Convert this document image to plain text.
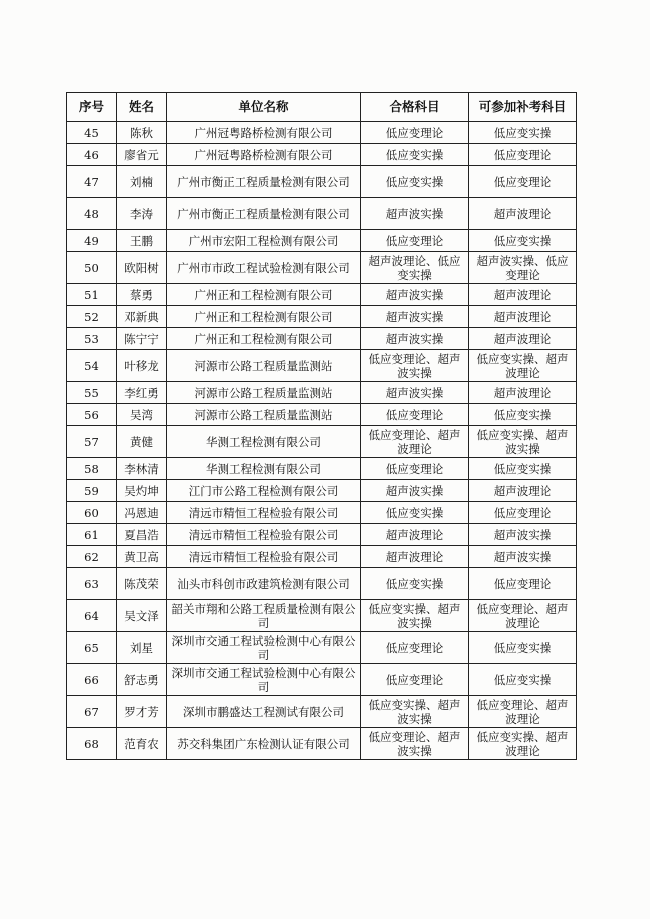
序号	姓名	单位名称	合格科目	可参加补考科目
45	陈秋	广州冠粤路桥检测有限公司	低应变理论	低应变实操
46	廖省元	广州冠粤路桥检测有限公司	低应变实操	低应变理论
47	刘楠	广州市衡正工程质量检测有限公司	低应变实操	低应变理论
48	李涛	广州市衡正工程质量检测有限公司	超声波实操	超声波理论
49	王鹏	广州市宏阳工程检测有限公司	低应变理论	低应变实操
50	欧阳树	广州市市政工程试验检测有限公司	超声波理论、低应变实操	超声波实操、低应变理论
51	蔡勇	广州正和工程检测有限公司	超声波实操	超声波理论
52	邓新典	广州正和工程检测有限公司	超声波实操	超声波理论
53	陈宁宁	广州正和工程检测有限公司	超声波实操	超声波理论
54	叶移龙	河源市公路工程质量监测站	低应变理论、超声波实操	低应变实操、超声波理论
55	李红勇	河源市公路工程质量监测站	超声波实操	超声波理论
56	吴湾	河源市公路工程质量监测站	低应变理论	低应变实操
57	黄健	华测工程检测有限公司	低应变理论、超声波理论	低应变实操、超声波实操
58	李林清	华测工程检测有限公司	低应变理论	低应变实操
59	吴灼坤	江门市公路工程检测有限公司	超声波实操	超声波理论
60	冯恩迪	清远市精恒工程检验有限公司	低应变实操	低应变理论
61	夏昌浩	清远市精恒工程检验有限公司	超声波理论	超声波实操
62	黄卫高	清远市精恒工程检验有限公司	超声波理论	超声波实操
63	陈茂荣	汕头市科创市政建筑检测有限公司	低应变实操	低应变理论
64	吴文泽	韶关市翔和公路工程质量检测有限公司	低应变实操、超声波实操	低应变理论、超声波理论
65	刘星	深圳市交通工程试验检测中心有限公司	低应变理论	低应变实操
66	舒志勇	深圳市交通工程试验检测中心有限公司	低应变理论	低应变实操
67	罗才芳	深圳市鹏盛达工程测试有限公司	低应变实操、超声波实操	低应变理论、超声波理论
68	范育农	苏交科集团广东检测认证有限公司	低应变理论、超声波实操	低应变实操、超声波理论
